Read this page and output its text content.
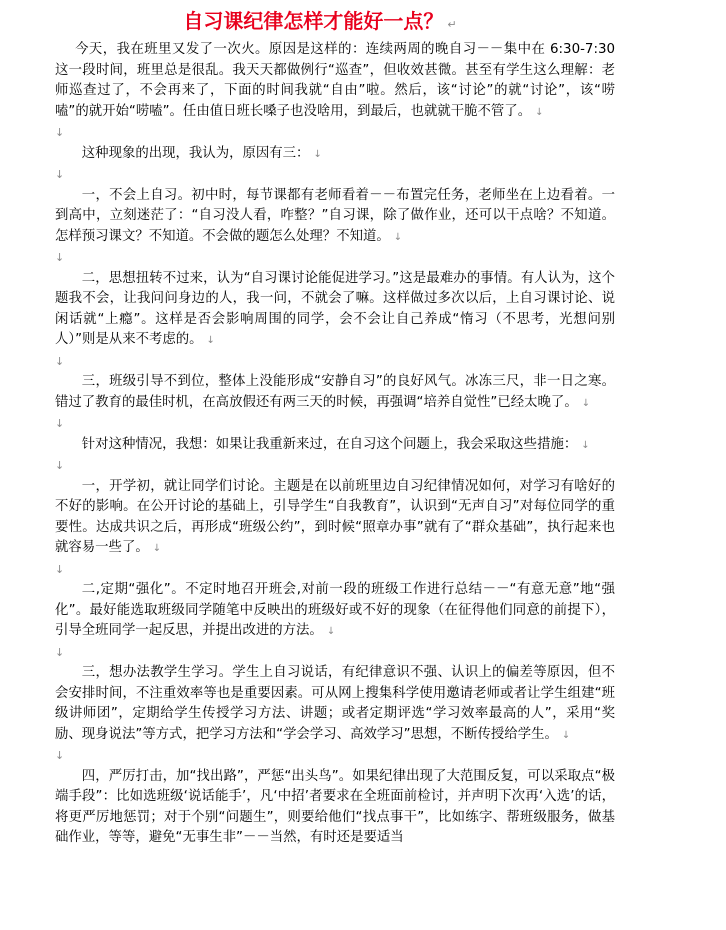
自习课纪律怎样才能好一点？ ↵

今天，我在班里又发了一次火。原因是这样的：连续两周的晚自习－－集中在 6:30-7:30 这一段时间，班里总是很乱。我天天都做例行“巡查”，但收效甚微。甚至有学生这么理解：老师巡查过了，不会再来了，下面的时间我就“自由”啦。然后，该“讨论”的就“讨论”，该“唠嗑”的就开始“唠嗑”。任由值日班长嗓子也没啥用，到最后，也就就干脆不管了。 ↓

↓

这种现象的出现，我认为，原因有三： ↓

↓

一，不会上自习。初中时，每节课都有老师看着－－布置完任务，老师坐在上边看着。一到高中，立刻迷茫了：“自习没人看，咋整？”自习课，除了做作业，还可以干点啥？不知道。怎样预习课文？不知道。不会做的题怎么处理？不知道。 ↓

↓

二，思想扭转不过来，认为“自习课讨论能促进学习。”这是最难办的事情。有人认为，这个题我不会，让我问问身边的人，我一问，不就会了嘛。这样做过多次以后，上自习课讨论、说闲话就“上瘾”。这样是否会影响周围的同学，会不会让自己养成“惰习（不思考，光想问别人）”则是从来不考虑的。 ↓

↓

三，班级引导不到位，整体上没能形成“安静自习”的良好风气。冰冻三尺，非一日之寒。错过了教育的最佳时机，在高放假还有两三天的时候，再强调“培养自觉性”已经太晚了。 ↓

↓

针对这种情况，我想：如果让我重新来过，在自习这个问题上，我会采取这些措施： ↓

↓

一，开学初，就让同学们讨论。主题是在以前班里边自习纪律情况如何，对学习有啥好的不好的影响。在公开讨论的基础上，引导学生“自我教育”，认识到“无声自习”对每位同学的重要性。达成共识之后，再形成“班级公约”，到时候“照章办事”就有了“群众基础”，执行起来也就容易一些了。 ↓

↓

二,定期“强化”。不定时地召开班会,对前一段的班级工作进行总结－－“有意无意”地“强化”。最好能选取班级同学随笔中反映出的班级好或不好的现象（在征得他们同意的前提下），引导全班同学一起反思，并提出改进的方法。 ↓

↓

三，想办法教学生学习。学生上自习说话，有纪律意识不强、认识上的偏差等原因，但不会安排时间，不注重效率等也是重要因素。可从网上搜集科学使用邀请老师或者让学生组建“班级讲师团”，定期给学生传授学习方法、讲题；或者定期评选“学习效率最高的人”，采用“奖励、现身说法”等方式，把学习方法和“学会学习、高效学习”思想，不断传授给学生。 ↓

↓

四，严厉打击，加“找出路”，严惩“出头鸟”。如果纪律出现了大范围反复，可以采取点“极端手段”：比如选班级‘说话能手’，凡‘中招’者要求在全班面前检讨，并声明下次再‘入选’的话，将更严厉地惩罚；对于个别“问题生”，则要给他们“找点事干”，比如练字、帮班级服务，做基础作业，等等，避免“无事生非”－－当然，有时还是要适当
